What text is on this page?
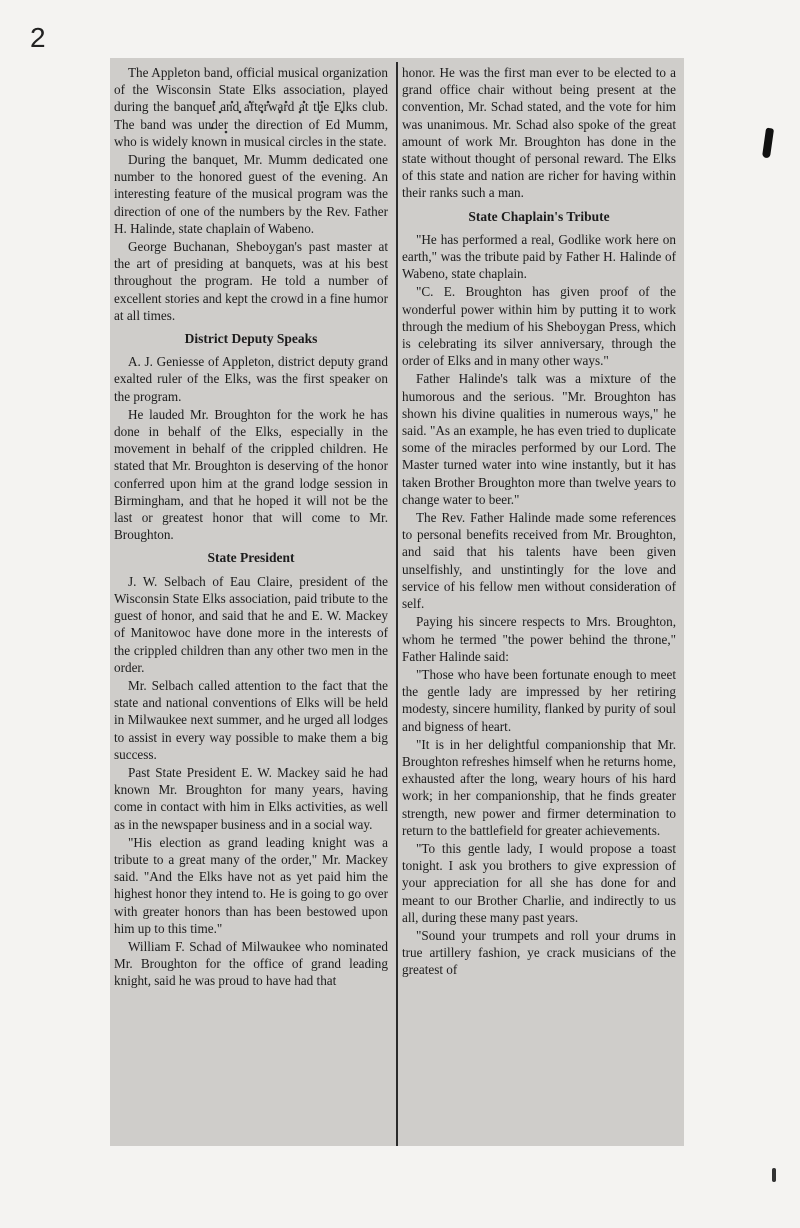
2

The Appleton band, official musical organization of the Wisconsin State Elks association, played during the banquet and afterward at the Elks club. The band was under the direction of Ed Mumm, who is widely known in musical circles in the state.

During the banquet, Mr. Mumm dedicated one number to the honored guest of the evening. An interesting feature of the musical program was the direction of one of the numbers by the Rev. Father H. Halinde, state chaplain of Wabeno.

George Buchanan, Sheboygan's past master at the art of presiding at banquets, was at his best throughout the program. He told a number of excellent stories and kept the crowd in a fine humor at all times.

District Deputy Speaks

A. J. Geniesse of Appleton, district deputy grand exalted ruler of the Elks, was the first speaker on the program.

He lauded Mr. Broughton for the work he has done in behalf of the Elks, especially in the movement in behalf of the crippled children. He stated that Mr. Broughton is deserving of the honor conferred upon him at the grand lodge session in Birmingham, and that he hoped it will not be the last or greatest honor that will come to Mr. Broughton.

State President

J. W. Selbach of Eau Claire, president of the Wisconsin State Elks association, paid tribute to the guest of honor, and said that he and E. W. Mackey of Manitowoc have done more in the interests of the crippled children than any other two men in the order.

Mr. Selbach called attention to the fact that the state and national conventions of Elks will be held in Milwaukee next summer, and he urged all lodges to assist in every way possible to make them a big success.

Past State President E. W. Mackey said he had known Mr. Broughton for many years, having come in contact with him in Elks activities, as well as in the newspaper business and in a social way.

"His election as grand leading knight was a tribute to a great many of the order," Mr. Mackey said. "And the Elks have not as yet paid him the highest honor they intend to. He is going to go over with greater honors than has been bestowed upon him up to this time."

William F. Schad of Milwaukee who nominated Mr. Broughton for the office of grand leading knight, said he was proud to have had that

honor. He was the first man ever to be elected to a grand office chair without being present at the convention, Mr. Schad stated, and the vote for him was unanimous. Mr. Schad also spoke of the great amount of work Mr. Broughton has done in the state without thought of personal reward. The Elks of this state and nation are richer for having within their ranks such a man.

State Chaplain's Tribute

"He has performed a real, Godlike work here on earth," was the tribute paid by Father H. Halinde of Wabeno, state chaplain.

"C. E. Broughton has given proof of the wonderful power within him by putting it to work through the medium of his Sheboygan Press, which is celebrating its silver anniversary, through the order of Elks and in many other ways."

Father Halinde's talk was a mixture of the humorous and the serious. "Mr. Broughton has shown his divine qualities in numerous ways," he said. "As an example, he has even tried to duplicate some of the miracles performed by our Lord. The Master turned water into wine instantly, but it has taken Brother Broughton more than twelve years to change water to beer."

The Rev. Father Halinde made some references to personal benefits received from Mr. Broughton, and said that his talents have been given unselfishly, and unstintingly for the love and service of his fellow men without consideration of self.

Paying his sincere respects to Mrs. Broughton, whom he termed "the power behind the throne," Father Halinde said:

"Those who have been fortunate enough to meet the gentle lady are impressed by her retiring modesty, sincere humility, flanked by purity of soul and bigness of heart.

"It is in her delightful companionship that Mr. Broughton refreshes himself when he returns home, exhausted after the long, weary hours of his hard work; in her companionship, that he finds greater strength, new power and firmer determination to return to the battlefield for greater achievements.

"To this gentle lady, I would propose a toast tonight. I ask you brothers to give expression of your appreciation for all she has done for and meant to our Brother Charlie, and indirectly to us all, during these many past years.

"Sound your trumpets and roll your drums in true artillery fashion, ye crack musicians of the greatest of
